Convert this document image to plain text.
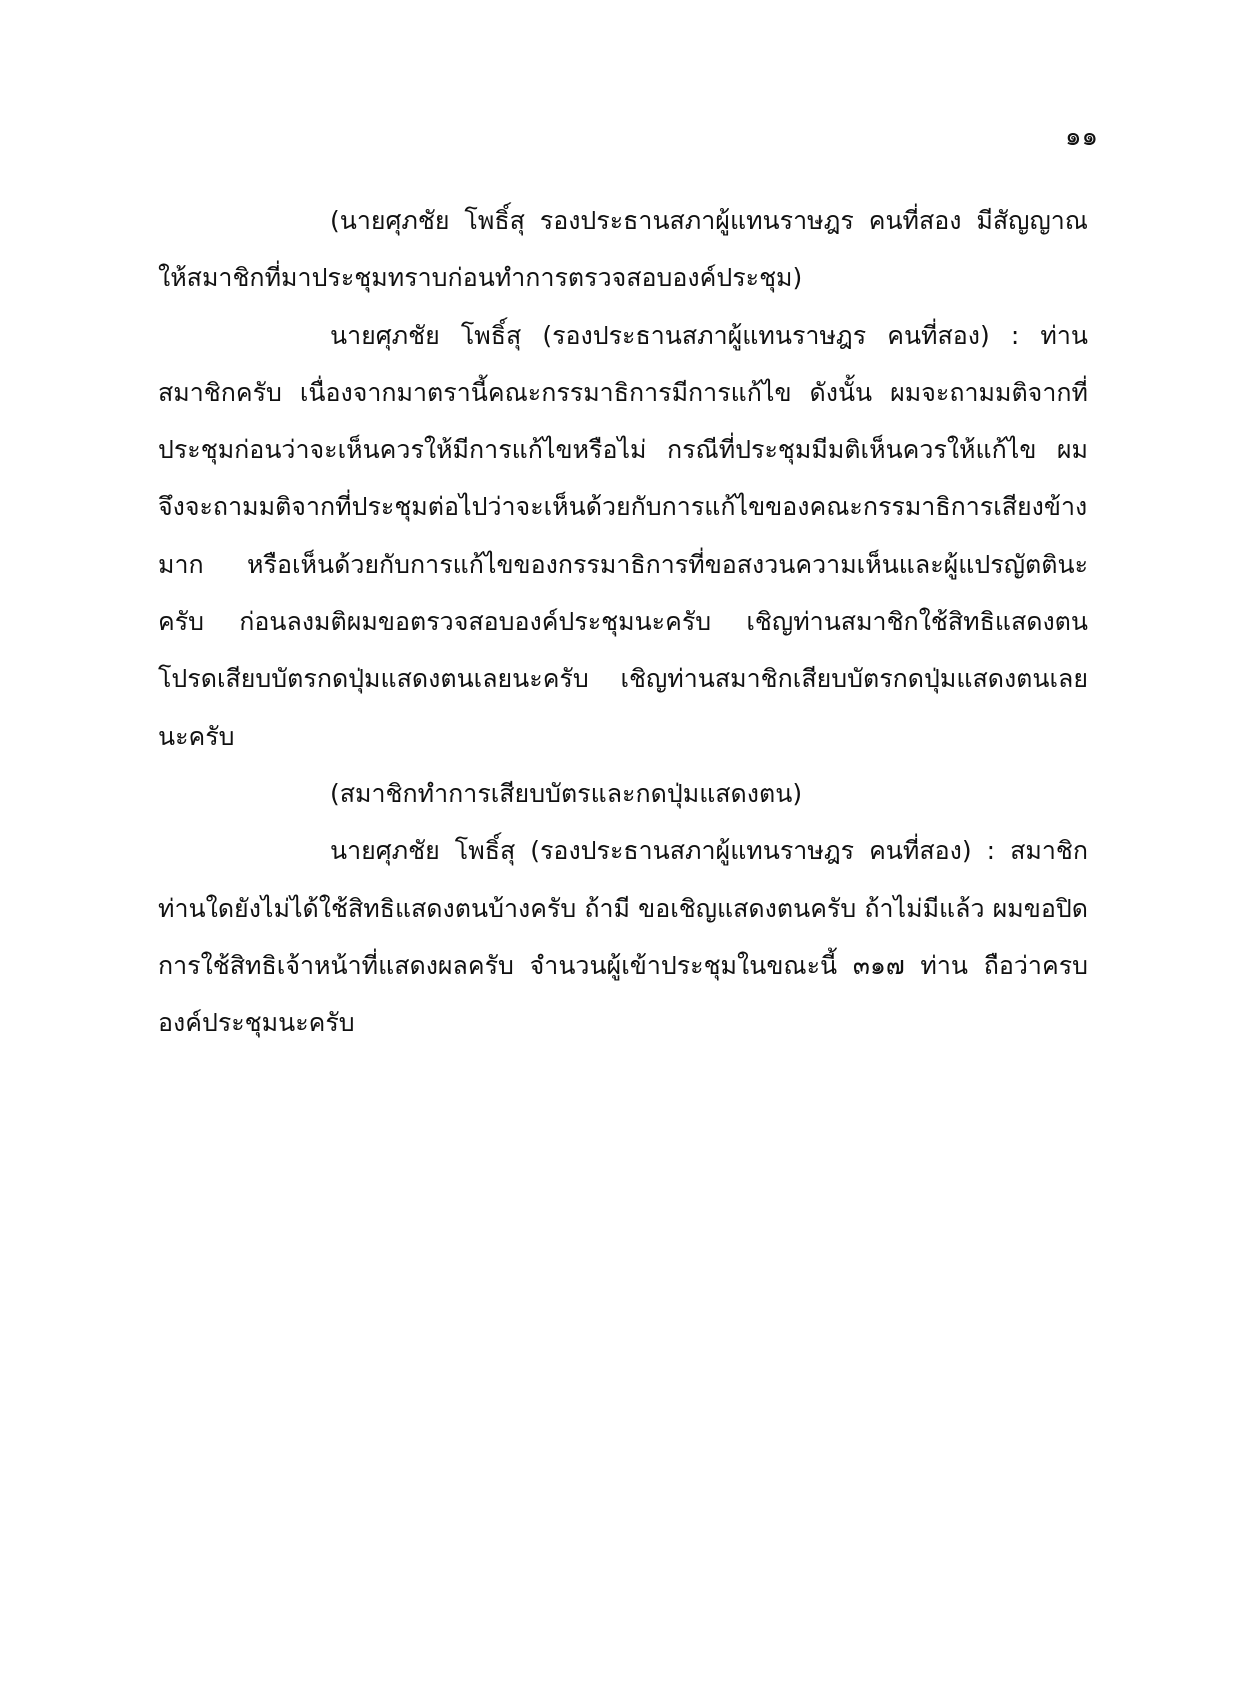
๑๑

(นายศุภชัย โพธิ์สุ รองประธานสภาผู้แทนราษฎร คนที่สอง มีสัญญาณให้สมาชิกที่มาประชุมทราบก่อนทำการตรวจสอบองค์ประชุม)

นายศุภชัย โพธิ์สุ (รองประธานสภาผู้แทนราษฎร คนที่สอง) : ท่านสมาชิกครับ เนื่องจากมาตรานี้คณะกรรมาธิการมีการแก้ไข ดังนั้น ผมจะถามมติจากที่ประชุมก่อนว่าจะเห็นควรให้มีการแก้ไขหรือไม่ กรณีที่ประชุมมีมติเห็นควรให้แก้ไข ผมจึงจะถามมติจากที่ประชุมต่อไปว่าจะเห็นด้วยกับการแก้ไขของคณะกรรมาธิการเสียงข้างมาก หรือเห็นด้วยกับการแก้ไขของกรรมาธิการที่ขอสงวนความเห็นและผู้แปรญัตตินะครับ ก่อนลงมติผมขอตรวจสอบองค์ประชุมนะครับ เชิญท่านสมาชิกใช้สิทธิแสดงตน โปรดเสียบบัตรกดปุ่มแสดงตนเลยนะครับ เชิญท่านสมาชิกเสียบบัตรกดปุ่มแสดงตนเลยนะครับ

(สมาชิกทำการเสียบบัตรและกดปุ่มแสดงตน)

นายศุภชัย โพธิ์สุ (รองประธานสภาผู้แทนราษฎร คนที่สอง) : สมาชิกท่านใดยังไม่ได้ใช้สิทธิแสดงตนบ้างครับ ถ้ามี ขอเชิญแสดงตนครับ ถ้าไม่มีแล้ว ผมขอปิดการใช้สิทธิเจ้าหน้าที่แสดงผลครับ จำนวนผู้เข้าประชุมในขณะนี้ ๓๑๗ ท่าน ถือว่าครบองค์ประชุมนะครับ
